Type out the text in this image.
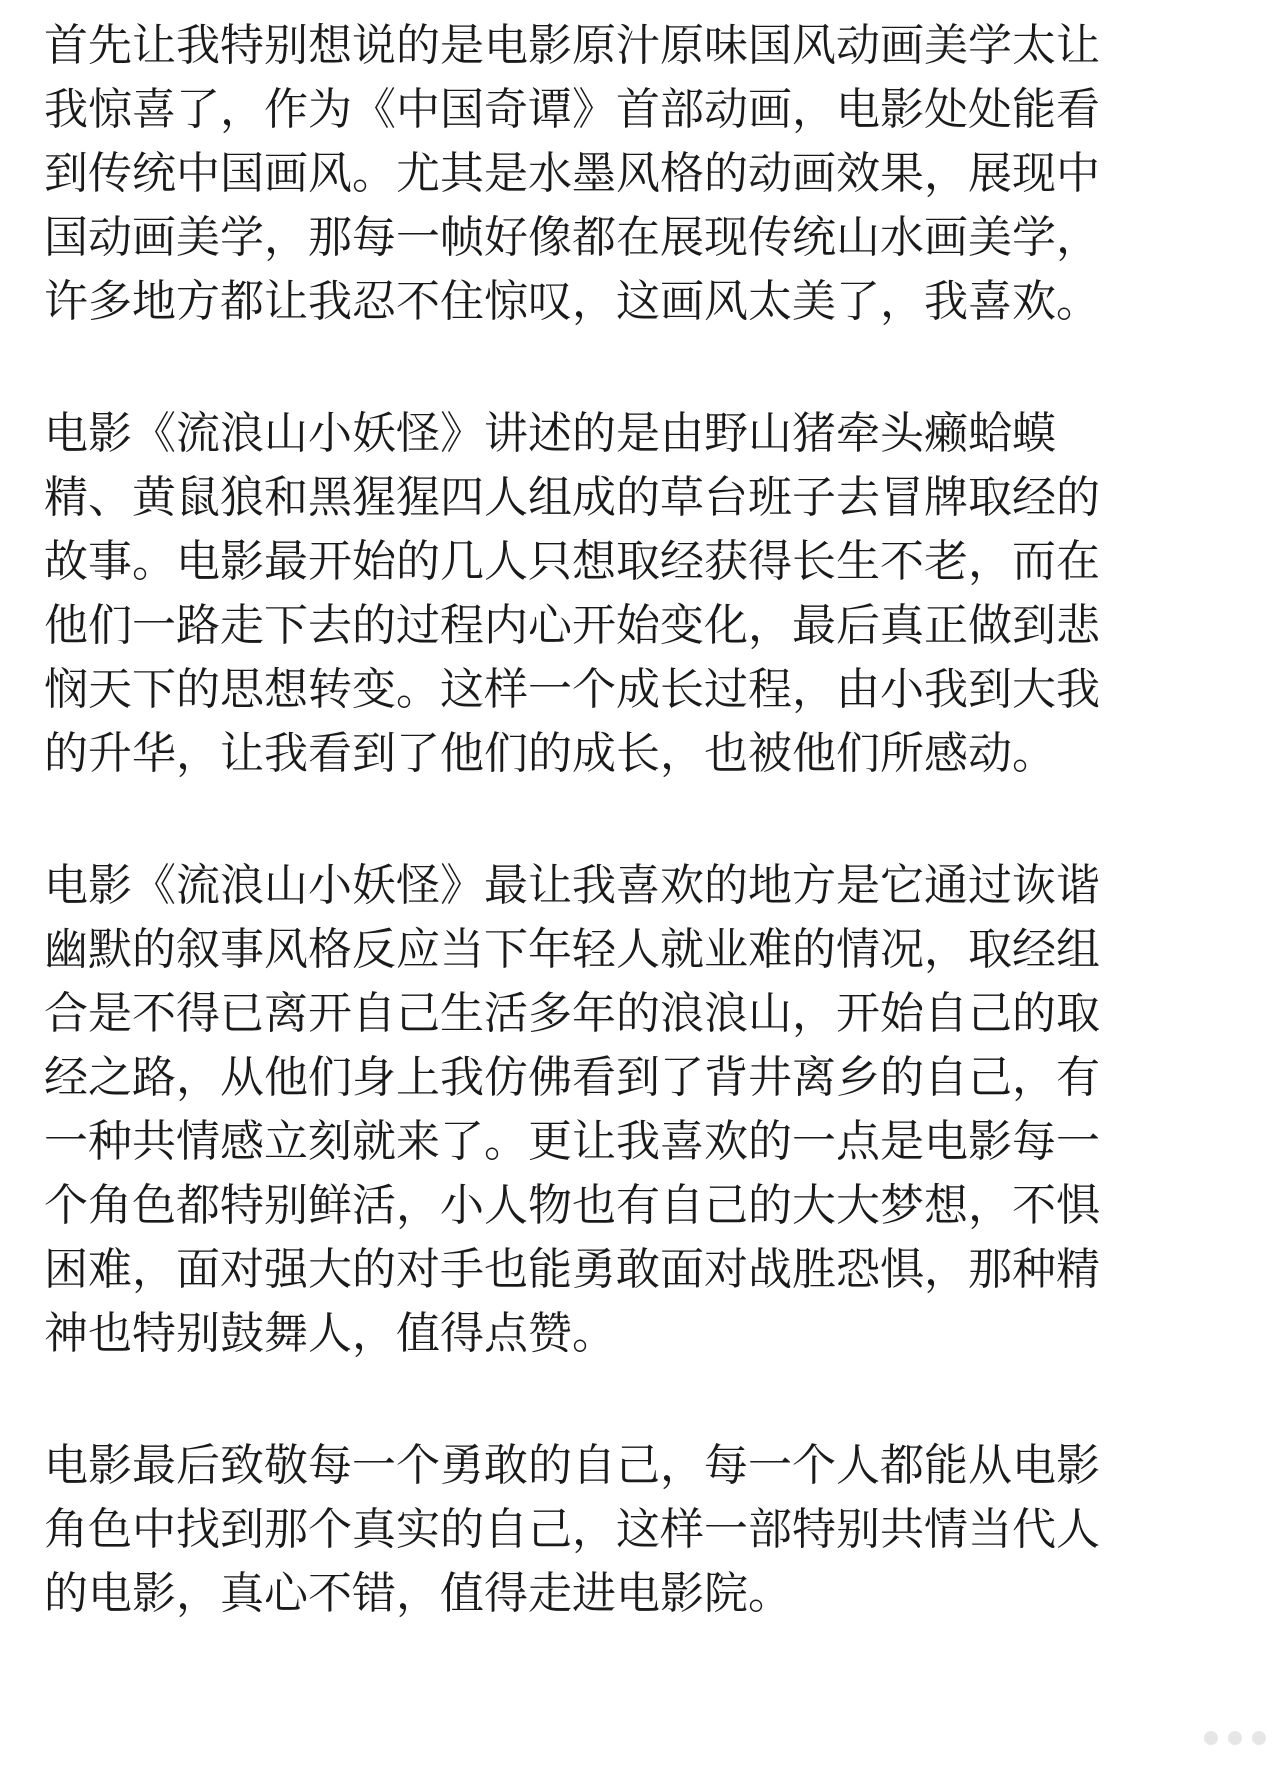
首先让我特别想说的是电影原汁原味国风动画美学太让
我惊喜了，作为《中国奇谭》首部动画，电影处处能看
到传统中国画风。尤其是水墨风格的动画效果，展现中
国动画美学，那每一帧好像都在展现传统山水画美学，
许多地方都让我忍不住惊叹，这画风太美了，我喜欢。

电影《流浪山小妖怪》讲述的是由野山猪牵头癞蛤蟆
精、黄鼠狼和黑猩猩四人组成的草台班子去冒牌取经的
故事。电影最开始的几人只想取经获得长生不老，而在
他们一路走下去的过程内心开始变化，最后真正做到悲
悯天下的思想转变。这样一个成长过程，由小我到大我
的升华，让我看到了他们的成长，也被他们所感动。

电影《流浪山小妖怪》最让我喜欢的地方是它通过诙谐
幽默的叙事风格反应当下年轻人就业难的情况，取经组
合是不得已离开自己生活多年的浪浪山，开始自己的取
经之路，从他们身上我仿佛看到了背井离乡的自己，有
一种共情感立刻就来了。更让我喜欢的一点是电影每一
个角色都特别鲜活，小人物也有自己的大大梦想，不惧
困难，面对强大的对手也能勇敢面对战胜恐惧，那种精
神也特别鼓舞人，值得点赞。

电影最后致敬每一个勇敢的自己，每一个人都能从电影
角色中找到那个真实的自己，这样一部特别共情当代人
的电影，真心不错，值得走进电影院。
